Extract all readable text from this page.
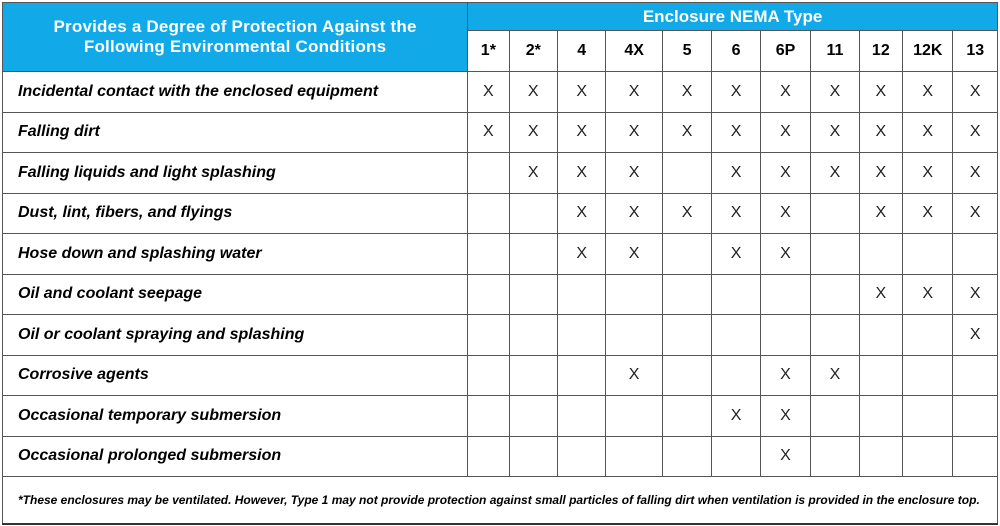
Provides a Degree of Protection Against the Following Environmental Conditions	Enclosure NEMA Type										
	1*	2*	4	4X	5	6	6P	11	12	12K	13
Incidental contact with the enclosed equipment	X	X	X	X	X	X	X	X	X	X	X
Falling dirt	X	X	X	X	X	X	X	X	X	X	X
Falling liquids and light splashing		X	X	X		X	X	X	X	X	X
Dust, lint, fibers, and flyings			X	X	X	X	X		X	X	X
Hose down and splashing water			X	X		X	X				
Oil and coolant seepage									X	X	X
Oil or coolant spraying and splashing											X
Corrosive agents				X			X	X			
Occasional temporary submersion						X	X				
Occasional prolonged submersion							X				
*These enclosures may be ventilated. However, Type 1 may not provide protection against small particles of falling dirt when ventilation is provided in the enclosure top.											
